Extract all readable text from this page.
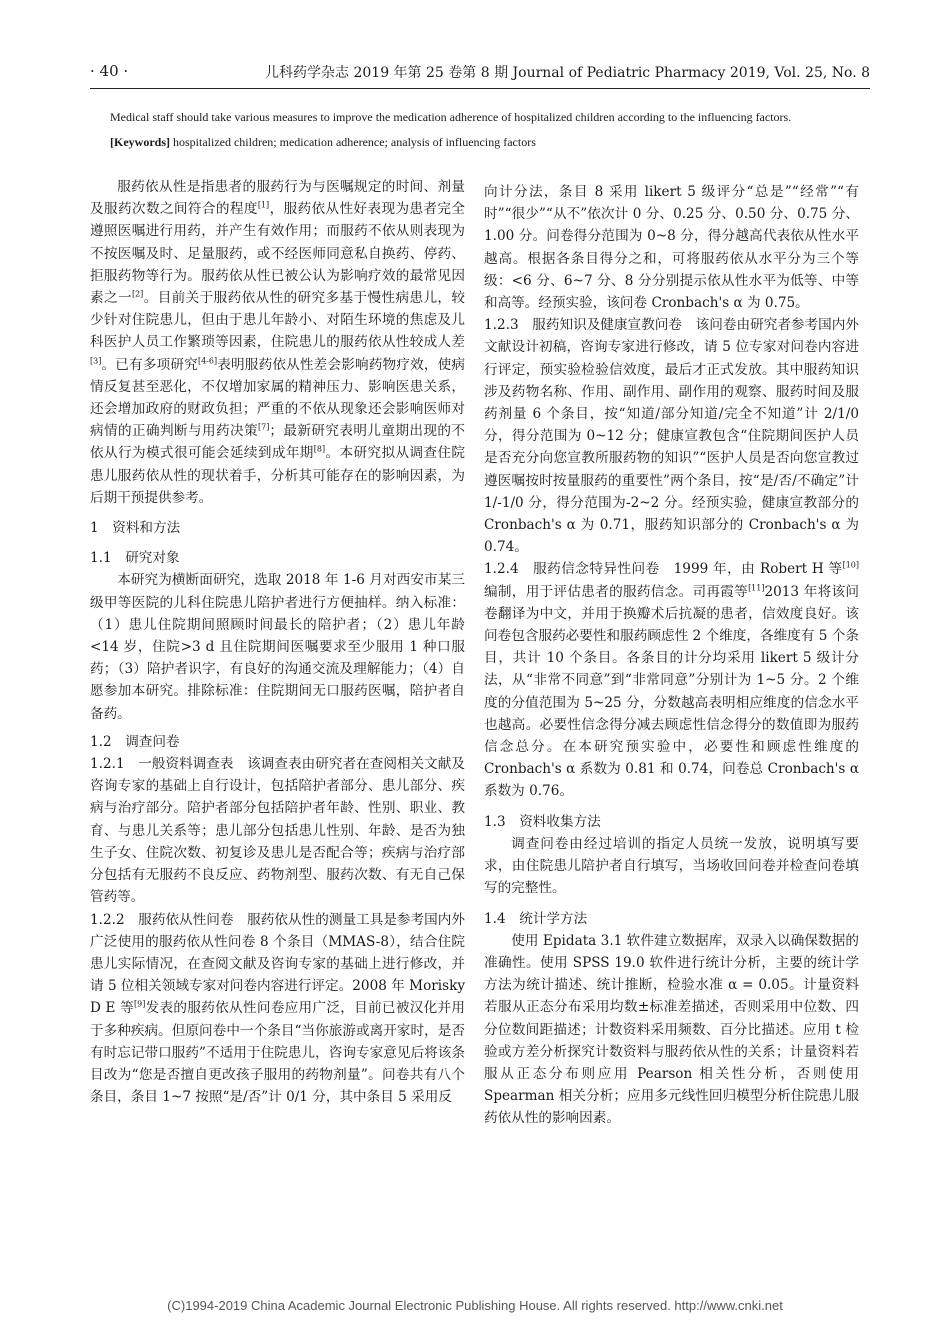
· 40 ·	儿科药学杂志 2019 年第 25 卷第 8 期 Journal of Pediatric Pharmacy 2019, Vol. 25, No. 8

Medical staff should take various measures to improve the medication adherence of hospitalized children according to the influencing factors.

[Keywords] hospitalized children; medication adherence; analysis of influencing factors

服药依从性是指患者的服药行为与医嘱规定的时间、剂量及服药次数之间符合的程度[1]，服药依从性好表现为患者完全遵照医嘱进行用药，并产生有效作用；而服药不依从则表现为不按医嘱及时、足量服药，或不经医师同意私自换药、停药、拒服药物等行为。服药依从性已被公认为影响疗效的最常见因素之一[2]。目前关于服药依从性的研究多基于慢性病患儿，较少针对住院患儿，但由于患儿年龄小、对陌生环境的焦虑及儿科医护人员工作繁琐等因素，住院患儿的服药依从性较成人差[3]。已有多项研究[4-6]表明服药依从性差会影响药物疗效，使病情反复甚至恶化，不仅增加家属的精神压力、影响医患关系，还会增加政府的财政负担；严重的不依从现象还会影响医师对病情的正确判断与用药决策[7]；最新研究表明儿童期出现的不依从行为模式很可能会延续到成年期[8]。本研究拟从调查住院患儿服药依从性的现状着手，分析其可能存在的影响因素，为后期干预提供参考。

1　资料和方法

1.1　研究对象

本研究为横断面研究，选取 2018 年 1-6 月对西安市某三级甲等医院的儿科住院患儿陪护者进行方便抽样。纳入标准：（1）患儿住院期间照顾时间最长的陪护者；（2）患儿年龄<14 岁，住院>3 d 且住院期间医嘱要求至少服用 1 种口服药；（3）陪护者识字，有良好的沟通交流及理解能力；（4）自愿参加本研究。排除标准：住院期间无口服药医嘱，陪护者自备药。

1.2　调查问卷

1.2.1　一般资料调查表　该调查表由研究者在查阅相关文献及咨询专家的基础上自行设计，包括陪护者部分、患儿部分、疾病与治疗部分。陪护者部分包括陪护者年龄、性别、职业、教育、与患儿关系等；患儿部分包括患儿性别、年龄、是否为独生子女、住院次数、初复诊及患儿是否配合等；疾病与治疗部分包括有无服药不良反应、药物剂型、服药次数、有无自己保管药等。

1.2.2　服药依从性问卷　服药依从性的测量工具是参考国内外广泛使用的服药依从性问卷 8 个条目（MMAS-8），结合住院患儿实际情况，在查阅文献及咨询专家的基础上进行修改，并请 5 位相关领域专家对问卷内容进行评定。2008 年 Morisky D E 等[9]发表的服药依从性问卷应用广泛，目前已被汉化并用于多种疾病。但原问卷中一个条目“当你旅游或离开家时，是否有时忘记带口服药”不适用于住院患儿，咨询专家意见后将该条目改为“您是否擅自更改孩子服用的药物剂量”。问卷共有八个条目，条目 1~7 按照“是/否”计 0/1 分，其中条目 5 采用反

向计分法，条目 8 采用 likert 5 级评分“总是”“经常”“有时”“很少”“从不”依次计 0 分、0.25 分、0.50 分、0.75 分、1.00 分。问卷得分范围为 0~8 分，得分越高代表依从性水平越高。根据各条目得分之和，可将服药依从水平分为三个等级：<6 分、6~7 分、8 分分别提示依从性水平为低等、中等和高等。经预实验，该问卷 Cronbach's α 为 0.75。

1.2.3　服药知识及健康宣教问卷　该问卷由研究者参考国内外文献设计初稿，咨询专家进行修改，请 5 位专家对问卷内容进行评定，预实验检验信效度，最后才正式发放。其中服药知识涉及药物名称、作用、副作用、副作用的观察、服药时间及服药剂量 6 个条目，按“知道/部分知道/完全不知道”计 2/1/0 分，得分范围为 0~12 分；健康宣教包含“住院期间医护人员是否充分向您宣教所服药物的知识”“医护人员是否向您宣教过遵医嘱按时按量服药的重要性”两个条目，按“是/否/不确定”计 1/-1/0 分，得分范围为-2~2 分。经预实验，健康宣教部分的 Cronbach's α 为 0.71，服药知识部分的 Cronbach's α 为 0.74。

1.2.4　服药信念特异性问卷　1999 年，由 Robert H 等[10]编制，用于评估患者的服药信念。司再霞等[11]2013 年将该问卷翻译为中文，并用于换瓣术后抗凝的患者，信效度良好。该问卷包含服药必要性和服药顾虑性 2 个维度，各维度有 5 个条目，共计 10 个条目。各条目的计分均采用 likert 5 级计分法，从“非常不同意”到“非常同意”分别计为 1~5 分。2 个维度的分值范围为 5~25 分，分数越高表明相应维度的信念水平也越高。必要性信念得分减去顾虑性信念得分的数值即为服药信念总分。在本研究预实验中，必要性和顾虑性维度的 Cronbach's α 系数为 0.81 和 0.74，问卷总 Cronbach's α 系数为 0.76。

1.3　资料收集方法

调查问卷由经过培训的指定人员统一发放，说明填写要求，由住院患儿陪护者自行填写，当场收回问卷并检查问卷填写的完整性。

1.4　统计学方法

使用 Epidata 3.1 软件建立数据库，双录入以确保数据的准确性。使用 SPSS 19.0 软件进行统计分析，主要的统计学方法为统计描述、统计推断，检验水准 α = 0.05。计量资料若服从正态分布采用均数±标准差描述，否则采用中位数、四分位数间距描述；计数资料采用频数、百分比描述。应用 t 检验或方差分析探究计数资料与服药依从性的关系；计量资料若服从正态分布则应用 Pearson 相关性分析，否则使用 Spearman 相关分析；应用多元线性回归模型分析住院患儿服药依从性的影响因素。

(C)1994-2019 China Academic Journal Electronic Publishing House. All rights reserved. http://www.cnki.net
